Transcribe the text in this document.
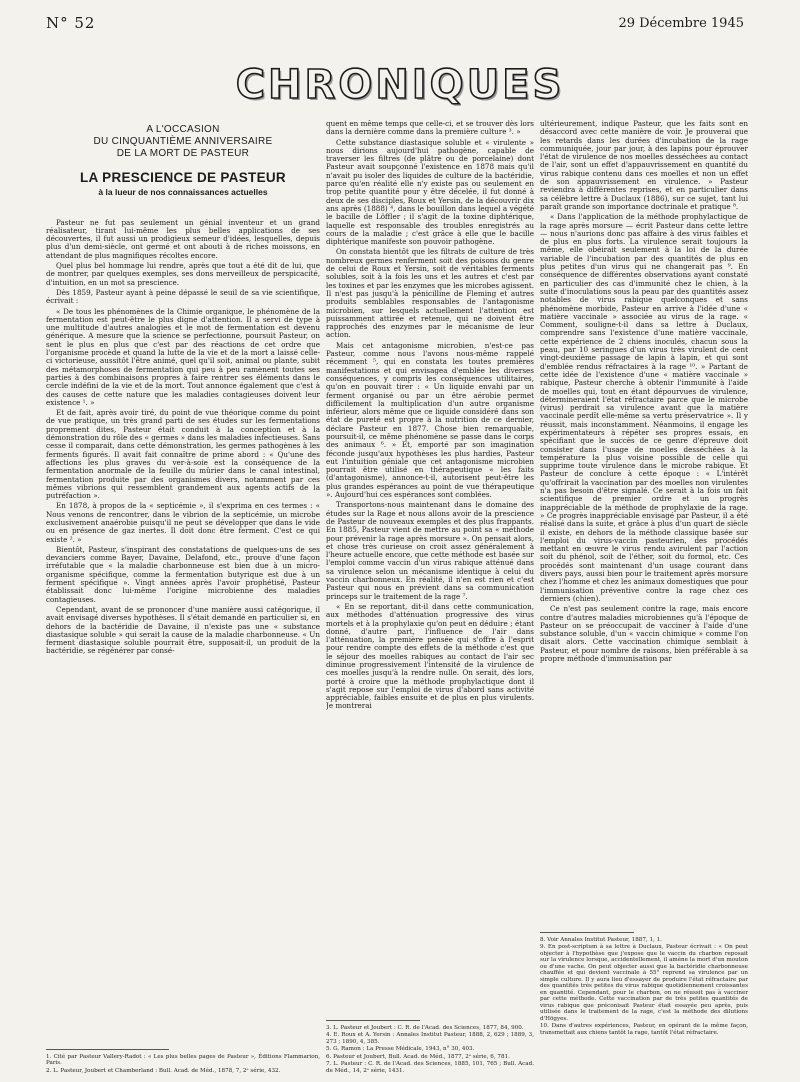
N° 52	29 Décembre 1945
CHRONIQUES
A L'OCCASION
DU CINQUANTIÈME ANNIVERSAIRE
DE LA MORT DE PASTEUR
LA PRESCIENCE DE PASTEUR
à la lueur de nos connaissances actuelles

Pasteur ne fut pas seulement un génial inventeur et un grand réalisateur, tirant lui-même les plus belles applications de ses découvertes, il fut aussi un prodigieux semeur d'idées, lesquelles, depuis plus d'un demi-siècle, ont germé et ont abouti à de riches moissons, en attendant de plus magnifiques récoltes encore.

Quel plus bel hommage lui rendre, après que tout a été dit de lui, que de montrer, par quelques exemples, ses dons merveilleux de perspicacité, d'intuition, en un mot sa prescience.

Dès 1859, Pasteur ayant à peine dépassé le seuil de sa vie scientifique, écrivait :

« De tous les phénomènes de la Chimie organique, le phénomène de la fermentation est peut-être le plus digne d'attention. Il a servi de type à une multitude d'autres analogies et le mot de fermentation est devenu générique. A mesure que la science se perfectionne, poursuit Pasteur, on sent le plus en plus que c'est par des réactions de cet ordre que l'organisme procède et quand la lutte de la vie et de la mort a laissé celle-ci victorieuse, aussitôt l'être animé, quel qu'il soit, animal ou plante, subit des métamorphoses de fermentation qui peu à peu ramènent toutes ses parties à des combinaisons propres à faire rentrer ses éléments dans le cercle indéfini de la vie et de la mort. Tout annonce également que c'est à des causes de cette nature que les maladies contagieuses doivent leur existence ¹. »

Et de fait, après avoir tiré, du point de vue théorique comme du point de vue pratique, un très grand parti de ses études sur les fermentations proprement dites, Pasteur était conduit à la conception et à la démonstration du rôle des « germes » dans les maladies infectieuses. Sans cesse il comparait, dans cette démonstration, les germes pathogènes à les ferments figurés. Il avait fait connaître de prime abord : « Qu'une des affections les plus graves du ver-à-soie est la conséquence de la fermentation anormale de la feuille du mûrier dans le canal intestinal, fermentation produite par des organismes divers, notamment par ces mêmes vibrions qui ressemblent grandement aux agents actifs de la putréfaction ».

En 1878, à propos de la « septicémie », il s'exprima en ces termes : « Nous venons de rencontrer, dans le vibrion de la septicémie, un microbe exclusivement anaérobie puisqu'il ne peut se développer que dans le vide ou en présence de gaz inertes. Il doit donc être ferment. C'est ce qui existe ². »

Bientôt, Pasteur, s'inspirant des constatations de quelques-uns de ses devanciers comme Bayer, Davaine, Delafond, etc., prouve d'une façon irréfutable que « la maladie charbonneuse est bien due à un micro-organisme spécifique, comme la fermentation butyrique est due à un ferment spécifique ». Vingt années après l'avoir prophétisé, Pasteur établissait donc lui-même l'origine microbienne des maladies contagieuses.

Cependant, avant de se prononcer d'une manière aussi catégorique, il avait envisagé diverses hypothèses. Il s'était demandé en particulier si, en dehors de la bactéridie de Davaine, il n'existe pas une « substance diastasique soluble » qui serait la cause de la maladie charbonneuse. « Un ferment diastasique soluble pourrait être, supposait-il, un produit de la bactéridie, se régénérer par consé-

1. Cité par Pasteur Vallery-Radot : « Les plus belles pages de Pasteur », Éditions Flammarion, Paris.

2. L. Pasteur, Joubert et Chamberland : Bull. Acad. de Méd., 1878, 7, 2ᵉ série, 432.

quent en même temps que celle-ci, et se trouver dès lors dans la dernière comme dans la première culture ³. »

Cette substance diastasique soluble et « virulente » nous dirions aujourd'hui pathogène, capable de traverser les filtres (de plâtre ou de porcelaine) dont Pasteur avait soupçonné l'existence en 1878 mais qu'il n'avait pu isoler des liquides de culture de la bactéridie, parce qu'en réalité elle n'y existe pas ou seulement en trop petite quantité pour y être décelée, il fut donné à deux de ses disciples, Roux et Yersin, de la découvrir dix ans après (1888) ⁴, dans le bouillon dans lequel a végété le bacille de Löffler ; il s'agit de la toxine diphtérique, laquelle est responsable des troubles enregistrés au cours de la maladie ; c'est grâce à elle que le bacille diphtérique manifeste son pouvoir pathogène.

On constata bientôt que les filtrats de culture de très nombreux germes renferment soit des poisons du genre de celui de Roux et Yersin, soit de véritables ferments solubles, soit à la fois les uns et les autres et c'est par les toxines et par les enzymes que les microbes agissent. Il n'est pas jusqu'à la pénicilline de Fleming et autres produits semblables responsables de l'antagonisme microbien, sur lesquels actuellement l'attention est puissamment attirée et retenue, qui ne doivent être rapprochés des enzymes par le mécanisme de leur action.

Mais cet antagonisme microbien, n'est-ce pas Pasteur, comme nous l'avons nous-même rappelé récemment ⁵, qui en constata les toutes premières manifestations et qui envisagea d'emblée les diverses conséquences, y compris les conséquences utilitaires, qu'on en pouvait tirer : « Un liquide envahi par un ferment organisé ou par un être aérobie permet difficilement la multiplication d'un autre organisme inférieur, alors même que ce liquide considéré dans son état de pureté est propre à la nutrition de ce dernier, déclare Pasteur en 1877. Chose bien remarquable, poursuit-il, ce même phénomène se passe dans le corps des animaux ⁶. » Et, emporté par son imagination féconde jusqu'aux hypothèses les plus hardies, Pasteur eut l'intuition géniale que cet antagonisme microbien pourrait être utilisé en thérapeutique « les faits (d'antagonisme), annonce-t-il, autorisent peut-être les plus grandes espérances au point de vue thérapeutique ». Aujourd'hui ces espérances sont comblées.

Transportons-nous maintenant dans le domaine des études sur la Rage et nous allons avoir de la prescience de Pasteur de nouveaux exemples et des plus frappants. En 1885, Pasteur vient de mettre au point sa « méthode pour prévenir la rage après morsure ». On pensait alors, et chose très curieuse on croit assez généralement à l'heure actuelle encore, que cette méthode est basée sur l'emploi comme vaccin d'un virus rabique atténué dans sa virulence selon un mécanisme identique à celui du vaccin charbonneux. En réalité, il n'en est rien et c'est Pasteur qui nous en prévient dans sa communication princeps sur le traitement de la rage ⁷.

« En se reportant, dit-il dans cette communication, aux méthodes d'atténuation progressive des virus mortels et à la prophylaxie qu'on peut en déduire ; étant donné, d'autre part, l'influence de l'air dans l'atténuation, la première pensée qui s'offre à l'esprit pour rendre compte des effets de la méthode c'est que le séjour des moelles rabiques au contact de l'air sec diminue progressivement l'intensité de la virulence de ces moelles jusqu'à la rendre nulle. On serait, dès lors, porté à croire que la méthode prophylactique dont il s'agit repose sur l'emploi de virus d'abord sans activité appréciable, faibles ensuite et de plus en plus virulents. Je montrerai

3. L. Pasteur et Joubert : C. R. de l'Acad. des Sciences, 1877, 84, 900.

4. E. Roux et A. Yersin : Annales Institut Pasteur, 1888, 2, 629 ; 1889, 3, 273 ; 1890, 4, 385.

5. G. Ramon : La Presse Médicale, 1943, n° 30, 403.

6. Pasteur et Joubert, Bull. Acad. de Méd., 1877, 2ᵉ série, 6, 781.

7. L. Pasteur : C. R. de l'Acad. des Sciences, 1885, 101, 765 ; Bull. Acad. de Méd., 14, 2ᵉ série, 1431.

ultérieurement, indique Pasteur, que les faits sont en désaccord avec cette manière de voir. Je prouverai que les retards dans les durées d'incubation de la rage communiquée, jour par jour, à des lapins pour éprouver l'état de virulence de nos moelles desséchées au contact de l'air, sont un effet d'appauvrissement en quantité du virus rabique contenu dans ces moelles et non un effet de son appauvrissement en virulence. » Pasteur reviendra à différentes reprises, et en particulier dans sa célèbre lettre à Duclaux (1886), sur ce sujet, tant lui paraît grande son importance doctrinale et pratique ⁸.

« Dans l'application de la méthode prophylactique de la rage après morsure — écrit Pasteur dans cette lettre — nous n'aurions donc pas affaire à des virus faibles et de plus en plus forts. La virulence serait toujours la même, elle obéirait seulement à la loi de la durée variable de l'incubation par des quantités de plus en plus petites d'un virus qui ne changerait pas ⁹. En conséquence de différentes observations ayant constaté en particulier des cas d'immunité chez le chien, à la suite d'inoculations sous la peau par des quantités assez notables de virus rabique quelconques et sans phénomène morbide, Pasteur en arrive à l'idée d'une « matière vaccinale » associée au virus de la rage. « Comment, souligne-t-il dans sa lettre à Duclaux, comprendre sans l'existence d'une matière vaccinale, cette expérience de 2 chiens inoculés, chacun sous la peau, par 10 seringues d'un virus très virulent de cent vingt-deuxième passage de lapin à lapin, et qui sont d'emblée rendus réfractaires à la rage ¹⁰. » Partant de cette idée de l'existence d'une « matière vaccinale » rabique, Pasteur cherche à obtenir l'immunité à l'aide de moelles qui, tout en étant dépourvues de virulence, détermineraient l'état réfractaire parce que le microbe (virus) perdrait sa virulence avant que la matière vaccinale perdît elle-même sa vertu préservatrice ». Il y réussit, mais inconstamment. Néanmoins, il engage les expérimentateurs à répéter ses propres essais, en spécifiant que le succès de ce genre d'épreuve doit consister dans l'usage de moelles desséchées à la température la plus voisine possible de celle qui supprime toute virulence dans le microbe rabique. Et Pasteur de conclure à cette époque : « L'intérêt qu'offrirait la vaccination par des moelles non virulentes n'a pas besoin d'être signalé. Ce serait à la fois un fait scientifique de premier ordre et un progrès inappréciable de la méthode de prophylaxie de la rage. » Ce progrès inappréciable envisagé par Pasteur, il a été réalisé dans la suite, et grâce à plus d'un quart de siècle il existe, en dehors de la méthode classique basée sur l'emploi du virus-vaccin pasteurien, des procédés mettant en œuvre le virus rendu avirulent par l'action soit du phénol, soit de l'éther, soit du formol, etc. Ces procédés sont maintenant d'un usage courant dans divers pays, aussi bien pour le traitement après morsure chez l'homme et chez les animaux domestiques que pour l'immunisation préventive contre la rage chez ces derniers (chien).

Ce n'est pas seulement contre la rage, mais encore contre d'autres maladies microbiennes qu'à l'époque de Pasteur on se préoccupait de vacciner à l'aide d'une substance soluble, d'un « vaccin chimique » comme l'on disait alors. Cette vaccination chimique semblait à Pasteur, et pour nombre de raisons, bien préférable à sa propre méthode d'immunisation par

8. Voir Annales Institut Pasteur, 1887, 1, 1.

9. En post-scriptum à sa lettre à Duclaux, Pasteur écrivait : « On peut objecter à l'hypothèse que j'expose que le vaccin du charbon reposait sur la virulence lorsque, accidentellement, il amène la mort d'un mouton ou d'une vache. On peut objecter aussi que la bactéridie charbonneuse chauffée et qui devient vaccinale à 55° reprend sa virulence par un simple culture. Il y aura lieu d'essayer de produire l'état réfractaire par des quantités très petites du virus rabique quotidiennement croissantes en quantité. Cependant, pour le charbon, on ne réussit pas à vacciner par cette méthode. Cette vaccination par de très petites quantités de virus rabique que préconisait Pasteur était essayée peu après, puis utilisée dans le traitement de la rage, c'est la méthode des dilutions d'Högyes.

10. Dans d'autres expériences, Pasteur, en opérant de la même façon, transmettait aux chiens tantôt la rage, tantôt l'état réfractaire.
